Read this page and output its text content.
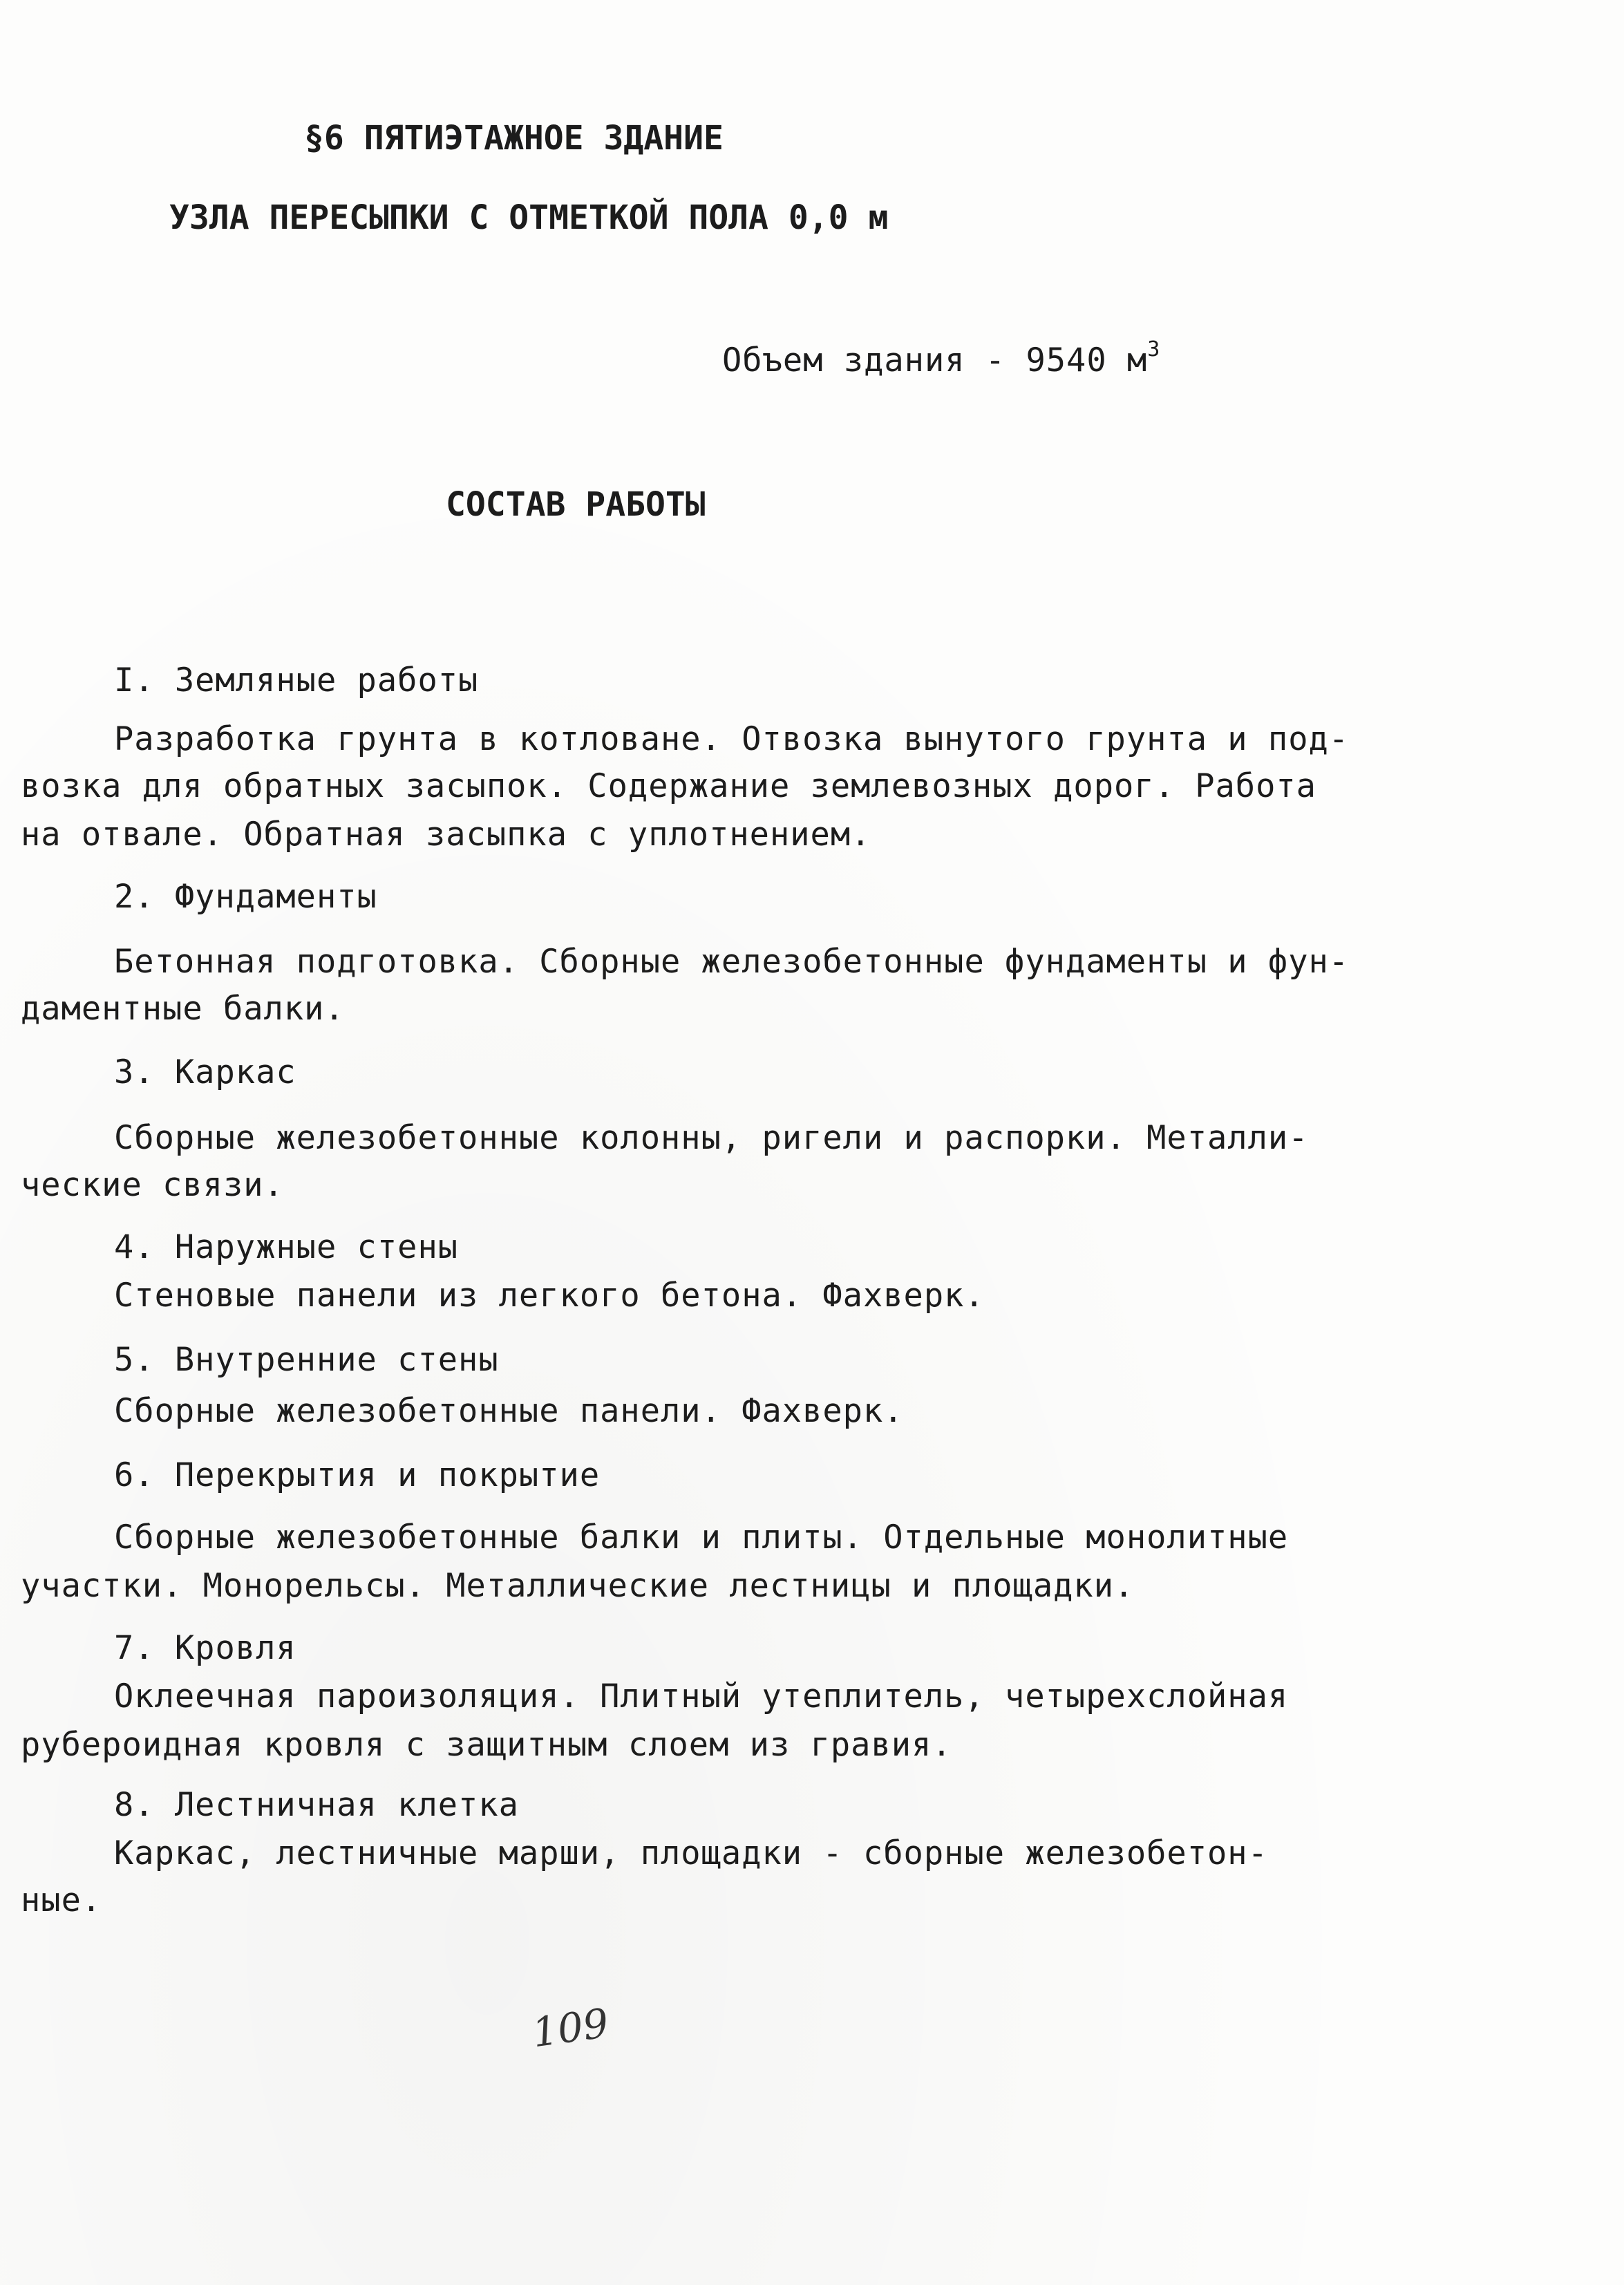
§6 ПЯТИЭТАЖНОЕ ЗДАНИЕ
УЗЛА ПЕРЕСЫПКИ С ОТМЕТКОЙ ПОЛА 0,0 м
Объем здания - 9540 $м^3$
СОСТАВ РАБОТЫ
I. Земляные работы
Разработка грунта в котловане. Отвозка вынутого грунта и под-
возка для обратных засыпок. Содержание землевозных дорог. Работа
на отвале. Обратная засыпка с уплотнением.
2. Фундаменты
Бетонная подготовка. Сборные железобетонные фундаменты и фун-
даментные балки.
3. Каркас
Сборные железобетонные колонны, ригели и распорки. Металли-
ческие связи.
4. Наружные стены
Стеновые панели из легкого бетона. Фахверк.
5. Внутренние стены
Сборные железобетонные панели. Фахверк.
6. Перекрытия и покрытие
Сборные железобетонные балки и плиты. Отдельные монолитные
участки. Монорельсы. Металлические лестницы и площадки.
7. Кровля
Оклеечная пароизоляция. Плитный утеплитель, четырехслойная
рубероидная кровля с защитным слоем из гравия.
8. Лестничная клетка
Каркас, лестничные марши, площадки - сборные железобетон-
ные.
109
